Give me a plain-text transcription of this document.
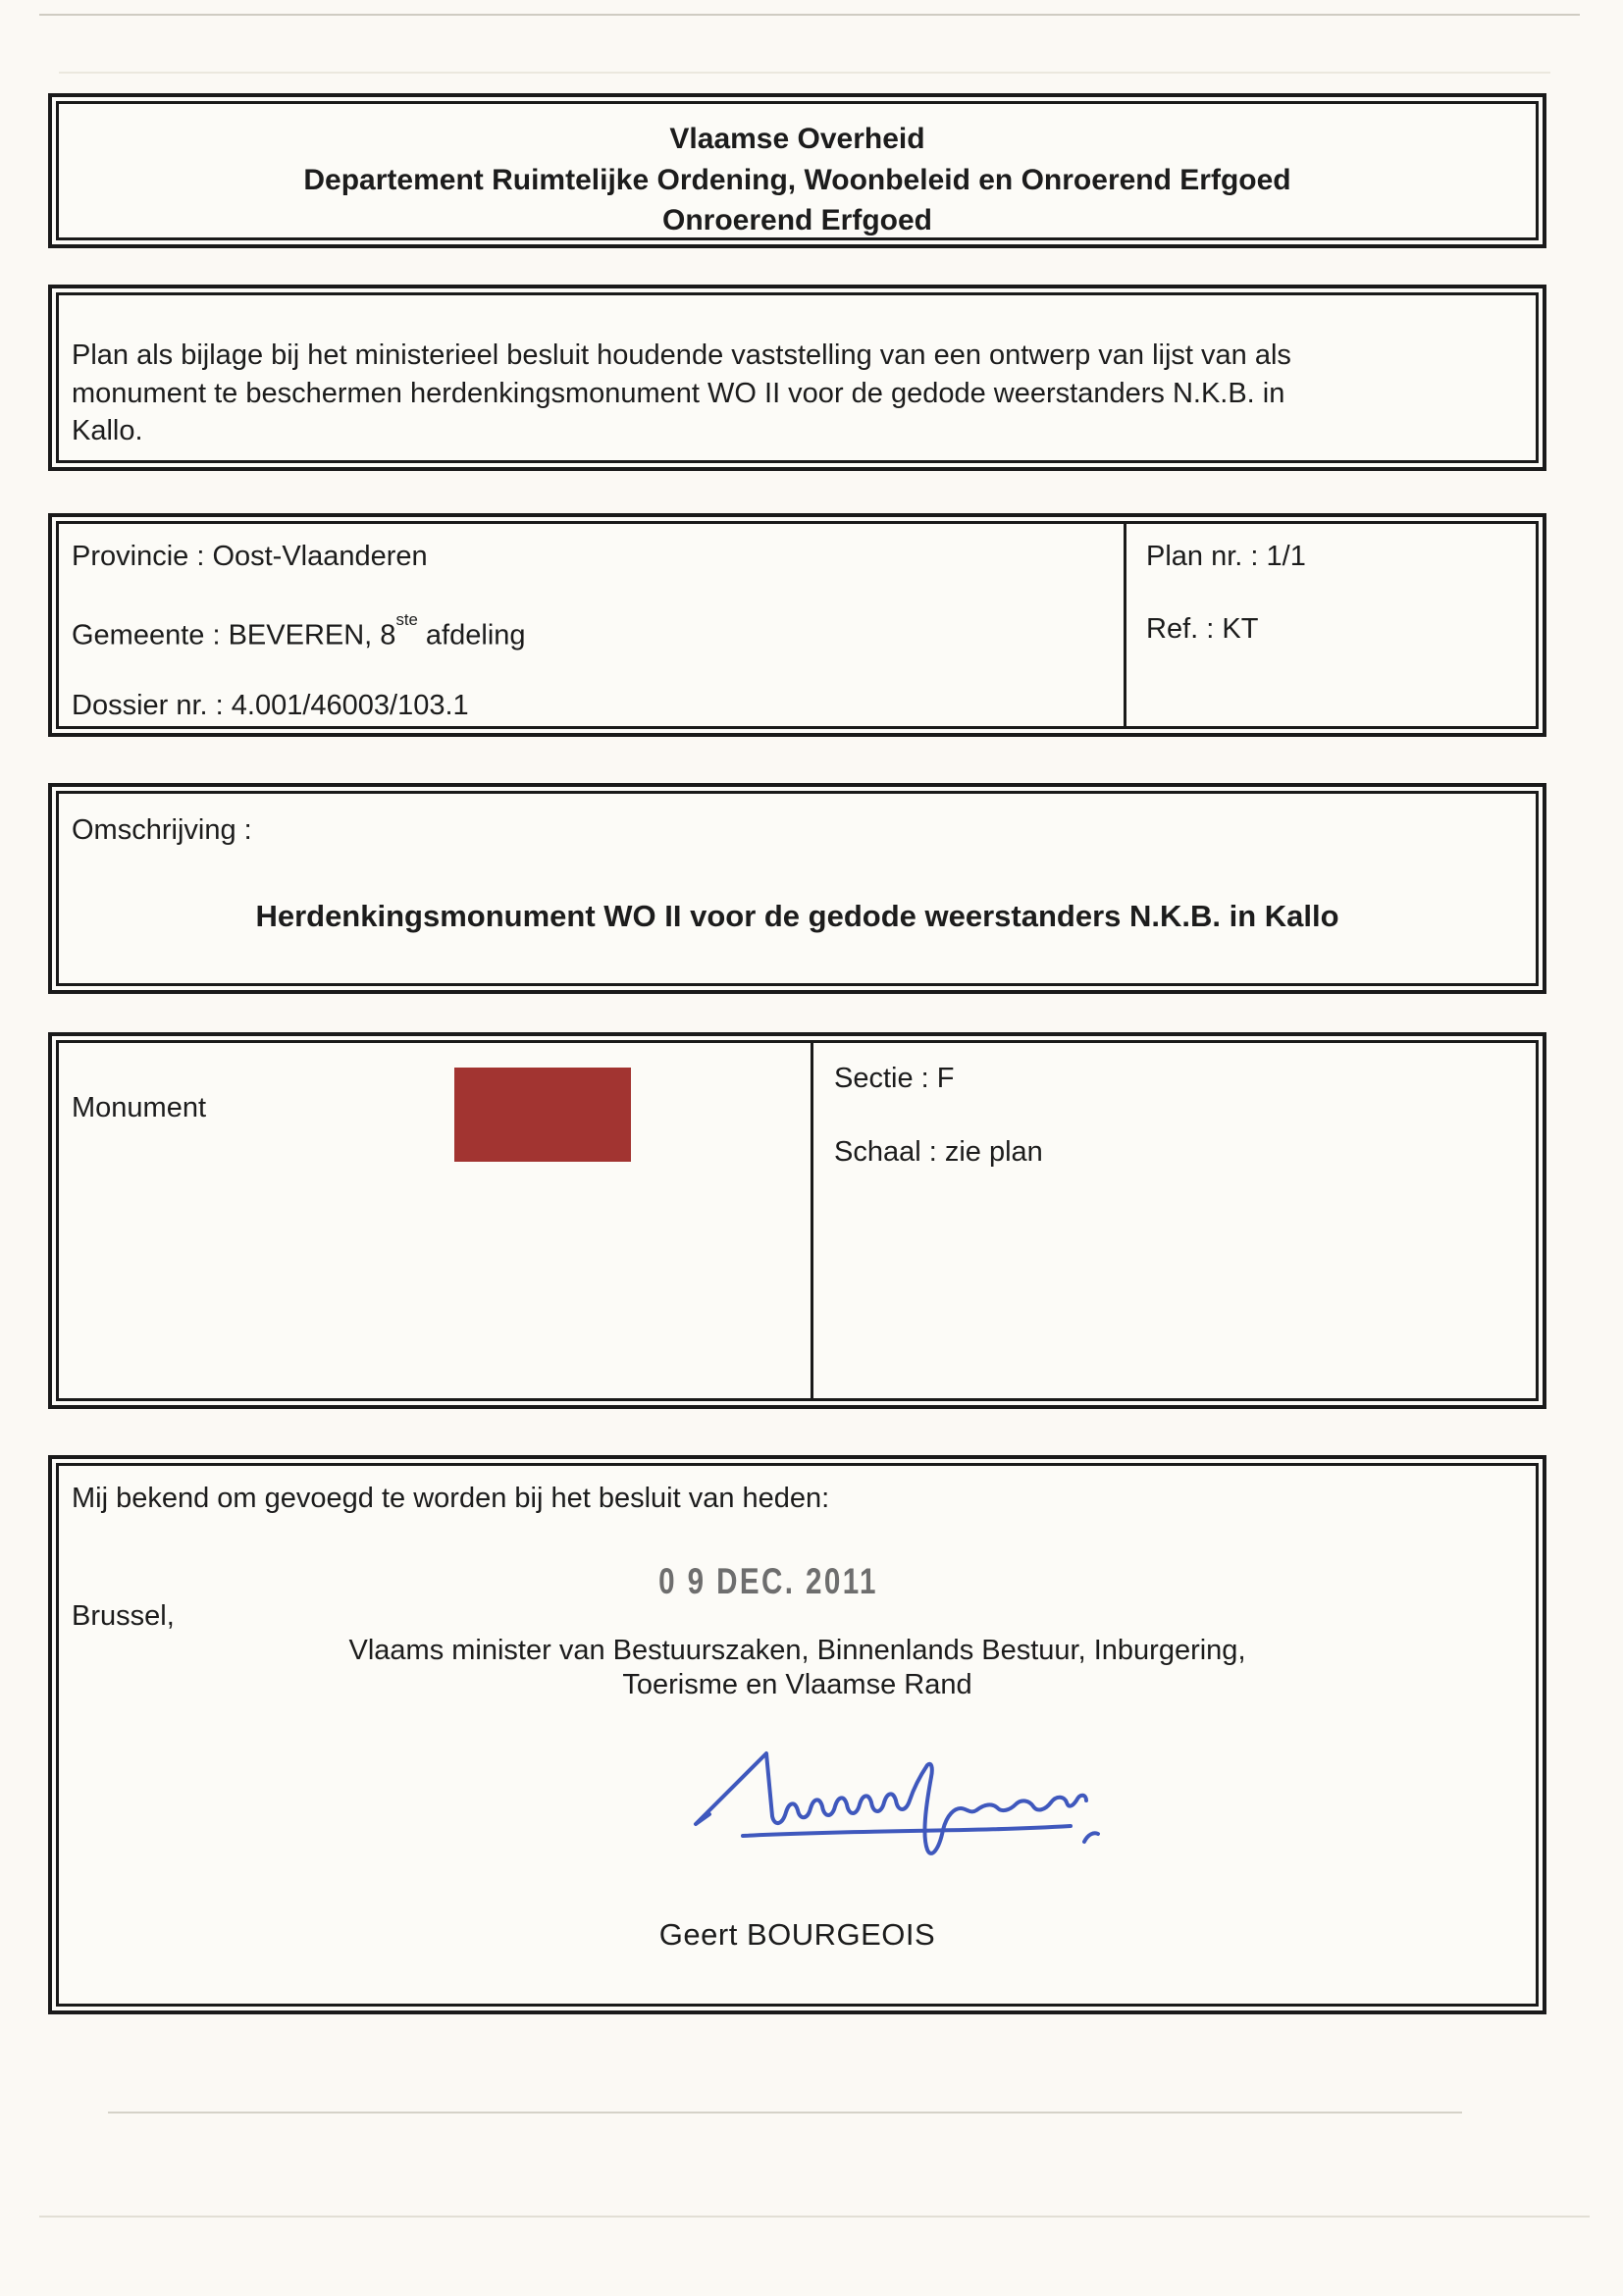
Vlaamse Overheid
Departement Ruimtelijke Ordening, Woonbeleid en Onroerend Erfgoed
Onroerend Erfgoed
Plan als bijlage bij het ministerieel besluit houdende vaststelling van een ontwerp van lijst van als
monument te beschermen herdenkingsmonument WO II voor de gedode weerstanders N.K.B. in
Kallo.
Provincie : Oost-Vlaanderen
Gemeente : BEVEREN, 8ste afdeling
Dossier nr. : 4.001/46003/103.1
Plan nr. : 1/1
Ref. : KT
Omschrijving :
Herdenkingsmonument WO II voor de gedode weerstanders N.K.B. in Kallo
Monument
Sectie : F
Schaal : zie plan
Mij bekend om gevoegd te worden bij het besluit van heden:
0 9 DEC. 2011
Brussel,
Vlaams minister van Bestuurszaken, Binnenlands Bestuur, Inburgering,
Toerisme en Vlaamse Rand
Geert BOURGEOIS
